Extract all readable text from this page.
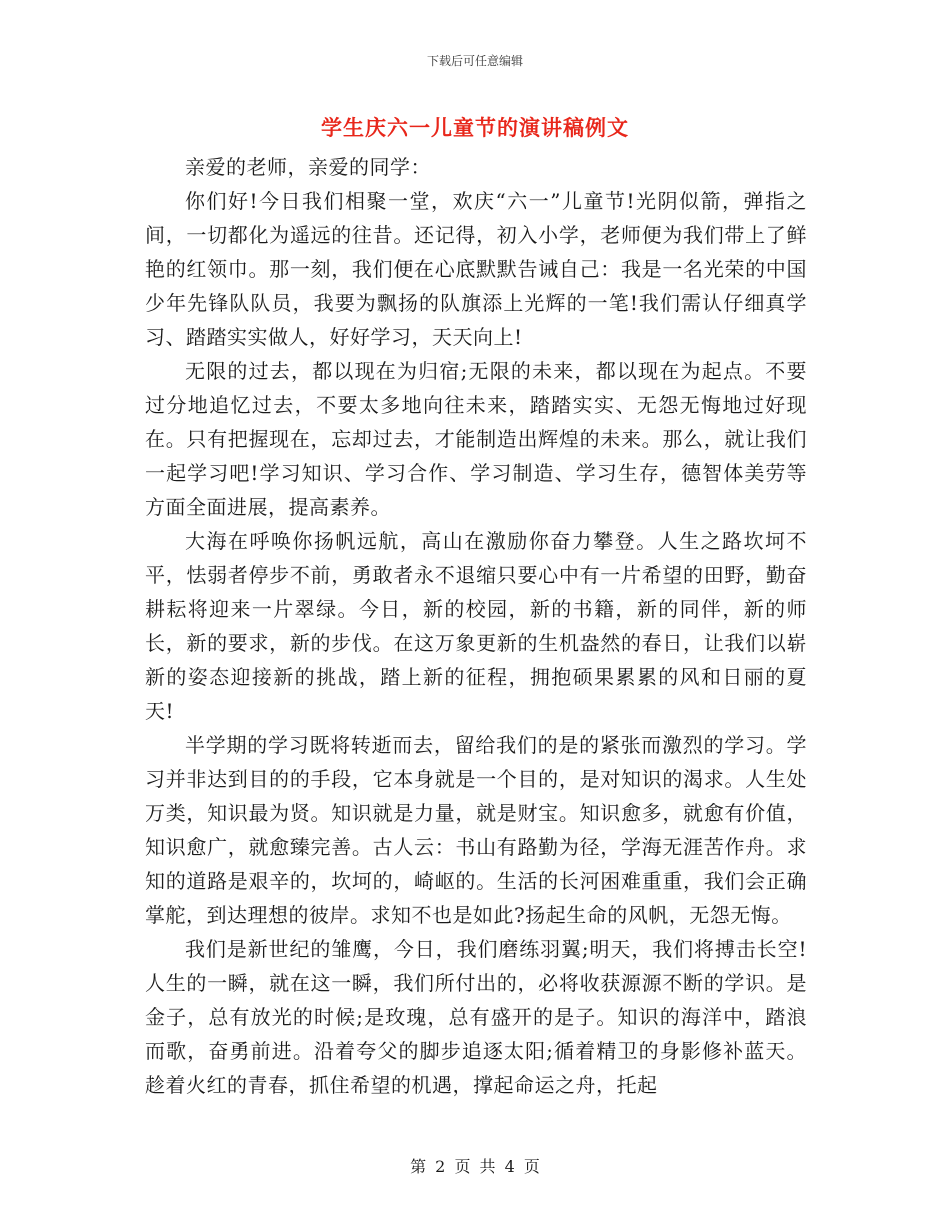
下载后可任意编辑
学生庆六一儿童节的演讲稿例文

亲爱的老师，亲爱的同学：

你们好!今日我们相聚一堂，欢庆“六一”儿童节!光阴似箭，弹指之间，一切都化为遥远的往昔。还记得，初入小学，老师便为我们带上了鲜艳的红领巾。那一刻，我们便在心底默默告诫自己：我是一名光荣的中国少年先锋队队员，我要为飘扬的队旗添上光辉的一笔!我们需认仔细真学习、踏踏实实做人，好好学习，天天向上!

无限的过去，都以现在为归宿;无限的未来，都以现在为起点。不要过分地追忆过去，不要太多地向往未来，踏踏实实、无怨无悔地过好现在。只有把握现在，忘却过去，才能制造出辉煌的未来。那么，就让我们一起学习吧!学习知识、学习合作、学习制造、学习生存，德智体美劳等方面全面进展，提高素养。

大海在呼唤你扬帆远航，高山在激励你奋力攀登。人生之路坎坷不平，怯弱者停步不前，勇敢者永不退缩只要心中有一片希望的田野，勤奋耕耘将迎来一片翠绿。今日，新的校园，新的书籍，新的同伴，新的师长，新的要求，新的步伐。在这万象更新的生机盎然的春日，让我们以崭新的姿态迎接新的挑战，踏上新的征程，拥抱硕果累累的风和日丽的夏天!

半学期的学习既将转逝而去，留给我们的是的紧张而激烈的学习。学习并非达到目的的手段，它本身就是一个目的，是对知识的渴求。人生处万类，知识最为贤。知识就是力量，就是财宝。知识愈多，就愈有价值，知识愈广，就愈臻完善。古人云：书山有路勤为径，学海无涯苦作舟。求知的道路是艰辛的，坎坷的，崎岖的。生活的长河困难重重，我们会正确掌舵，到达理想的彼岸。求知不也是如此?扬起生命的风帆，无怨无悔。

我们是新世纪的雏鹰，今日，我们磨练羽翼;明天，我们将搏击长空!人生的一瞬，就在这一瞬，我们所付出的，必将收获源源不断的学识。是金子，总有放光的时候;是玫瑰，总有盛开的是子。知识的海洋中，踏浪而歌，奋勇前进。沿着夸父的脚步追逐太阳;循着精卫的身影修补蓝天。趁着火红的青春，抓住希望的机遇，撑起命运之舟，托起

第 2 页 共 4 页
